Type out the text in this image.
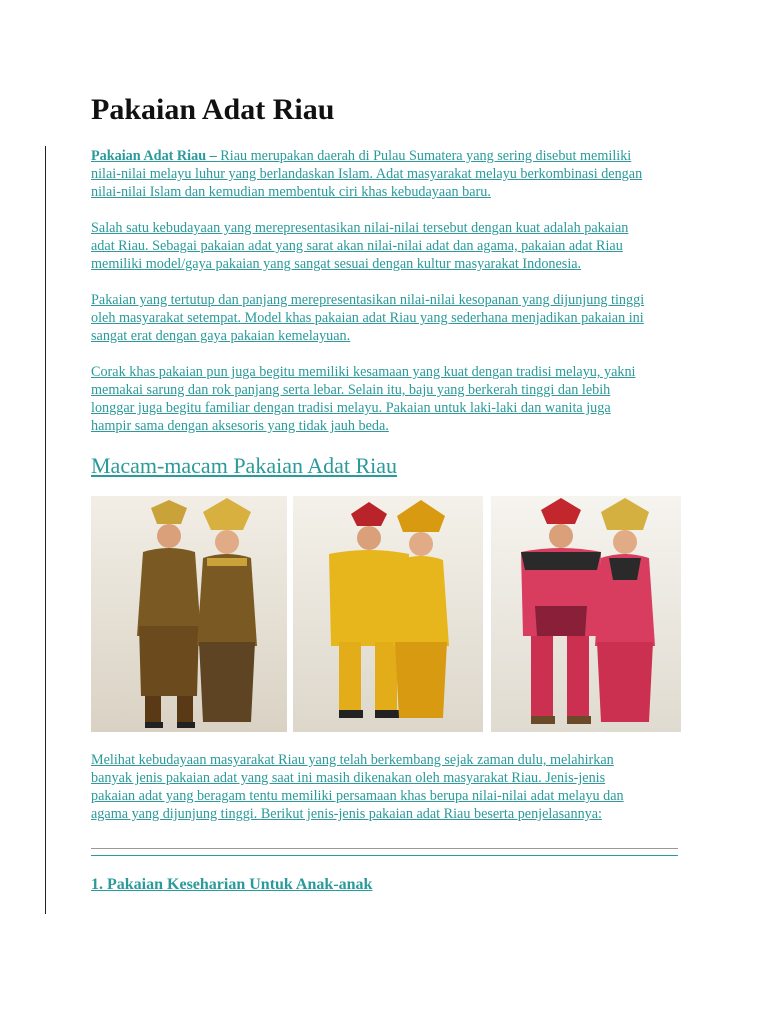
Pakaian Adat Riau

Pakaian Adat Riau – Riau merupakan daerah di Pulau Sumatera yang sering disebut memiliki
nilai-nilai melayu luhur yang berlandaskan Islam. Adat masyarakat melayu berkombinasi dengan
nilai-nilai Islam dan kemudian membentuk ciri khas kebudayaan baru.

Salah satu kebudayaan yang merepresentasikan nilai-nilai tersebut dengan kuat adalah pakaian
adat Riau. Sebagai pakaian adat yang sarat akan nilai-nilai adat dan agama, pakaian adat Riau
memiliki model/gaya pakaian yang sangat sesuai dengan kultur masyarakat Indonesia.

Pakaian yang tertutup dan panjang merepresentasikan nilai-nilai kesopanan yang dijunjung tinggi
oleh masyarakat setempat. Model khas pakaian adat Riau yang sederhana menjadikan pakaian ini
sangat erat dengan gaya pakaian kemelayuan.

Corak khas pakaian pun juga begitu memiliki kesamaan yang kuat dengan tradisi melayu, yakni
memakai sarung dan rok panjang serta lebar. Selain itu, baju yang berkerah tinggi dan lebih
longgar juga begitu familiar dengan tradisi melayu. Pakaian untuk laki-laki dan wanita juga
hampir sama dengan aksesoris yang tidak jauh beda.

Macam-macam Pakaian Adat Riau

Melihat kebudayaan masyarakat Riau yang telah berkembang sejak zaman dulu, melahirkan
banyak jenis pakaian adat yang saat ini masih dikenakan oleh masyarakat Riau. Jenis-jenis
pakaian adat yang beragam tentu memiliki persamaan khas berupa nilai-nilai adat melayu dan
agama yang dijunjung tinggi. Berikut jenis-jenis pakaian adat Riau beserta penjelasannya:

1. Pakaian Keseharian Untuk Anak-anak
